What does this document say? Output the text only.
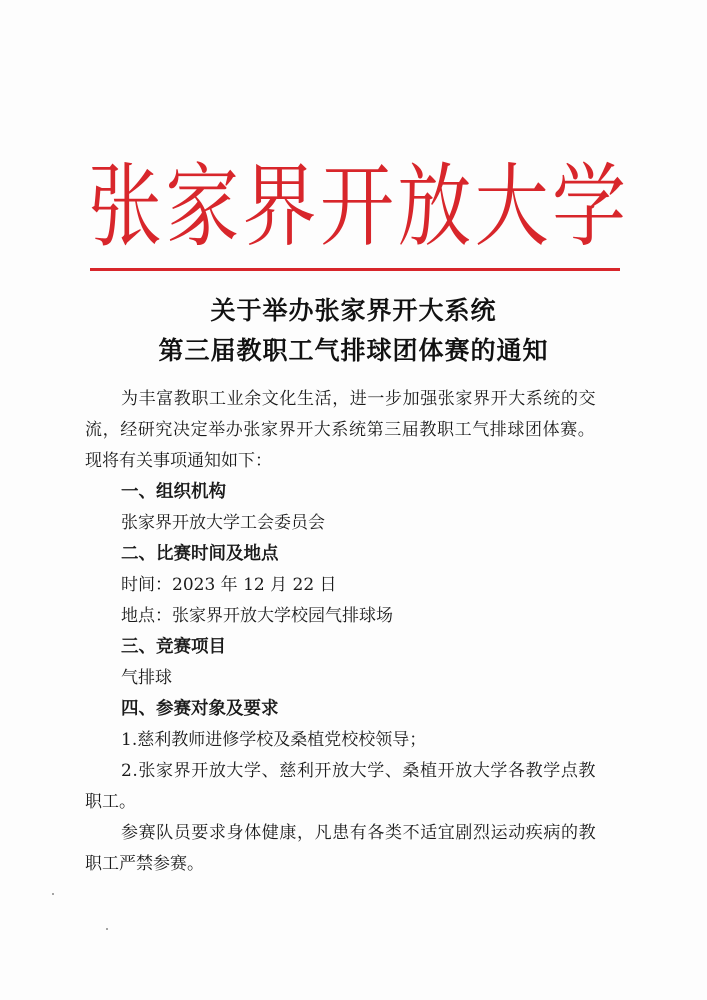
张 家 界 开 放 大 学
关于举办张家界开大系统
第三届教职工气排球团体赛的通知

为丰富教职工业余文化生活，进一步加强张家界开大系统的交

流，经研究决定举办张家界开大系统第三届教职工气排球团体赛。

现将有关事项通知如下：

一、组织机构

张家界开放大学工会委员会

二、比赛时间及地点

时间：2023 年 12 月 22 日

地点：张家界开放大学校园气排球场

三、竞赛项目

气排球

四、参赛对象及要求

1.慈利教师进修学校及桑植党校校领导；

2.张家界开放大学、慈利开放大学、桑植开放大学各教学点教

职工。

参赛队员要求身体健康，凡患有各类不适宜剧烈运动疾病的教

职工严禁参赛。
